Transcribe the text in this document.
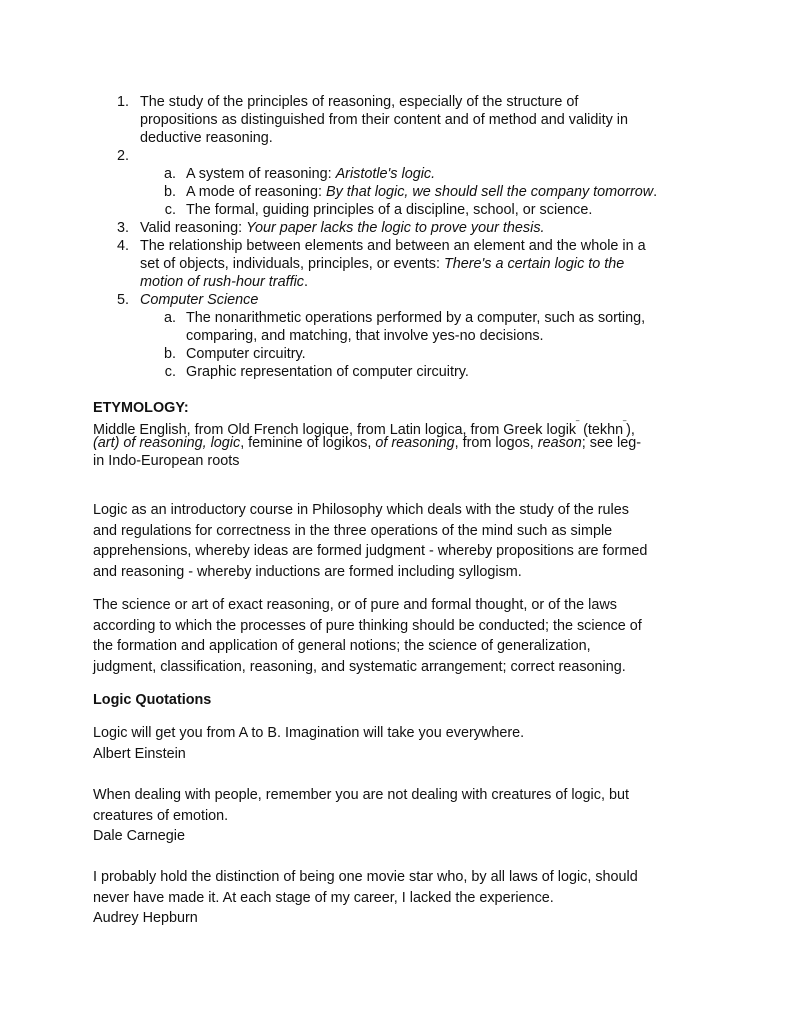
1. The study of the principles of reasoning, especially of the structure of
propositions as distinguished from their content and of method and validity in
deductive reasoning.
2.
a. A system of reasoning: Aristotle's logic.
b. A mode of reasoning: By that logic, we should sell the company tomorrow.
c. The formal, guiding principles of a discipline, school, or science.
3. Valid reasoning: Your paper lacks the logic to prove your thesis.
4. The relationship between elements and between an element and the whole in a
set of objects, individuals, principles, or events: There's a certain logic to the
motion of rush-hour traffic.
5. Computer Science
a. The nonarithmetic operations performed by a computer, such as sorting,
comparing, and matching, that involve yes-no decisions.
b. Computer circuitry.
c. Graphic representation of computer circuitry.
ETYMOLOGY:
Middle English, from Old French logique, from Latin logica, from Greek logik‾ (tekhn‾),
(art) of reasoning, logic, feminine of logikos, of reasoning, from logos, reason; see leg-
in Indo-European roots
Logic as an introductory course in Philosophy which deals with the study of the rules
and regulations for correctness in the three operations of the mind such as simple
apprehensions, whereby ideas are formed judgment - whereby propositions are formed
and reasoning - whereby inductions are formed including syllogism.
The science or art of exact reasoning, or of pure and formal thought, or of the laws
according to which the processes of pure thinking should be conducted; the science of
the formation and application of general notions; the science of generalization,
judgment, classification, reasoning, and systematic arrangement; correct reasoning.
Logic Quotations
Logic will get you from A to B. Imagination will take you everywhere.
Albert Einstein
When dealing with people, remember you are not dealing with creatures of logic, but
creatures of emotion.
Dale Carnegie
I probably hold the distinction of being one movie star who, by all laws of logic, should
never have made it. At each stage of my career, I lacked the experience.
Audrey Hepburn
